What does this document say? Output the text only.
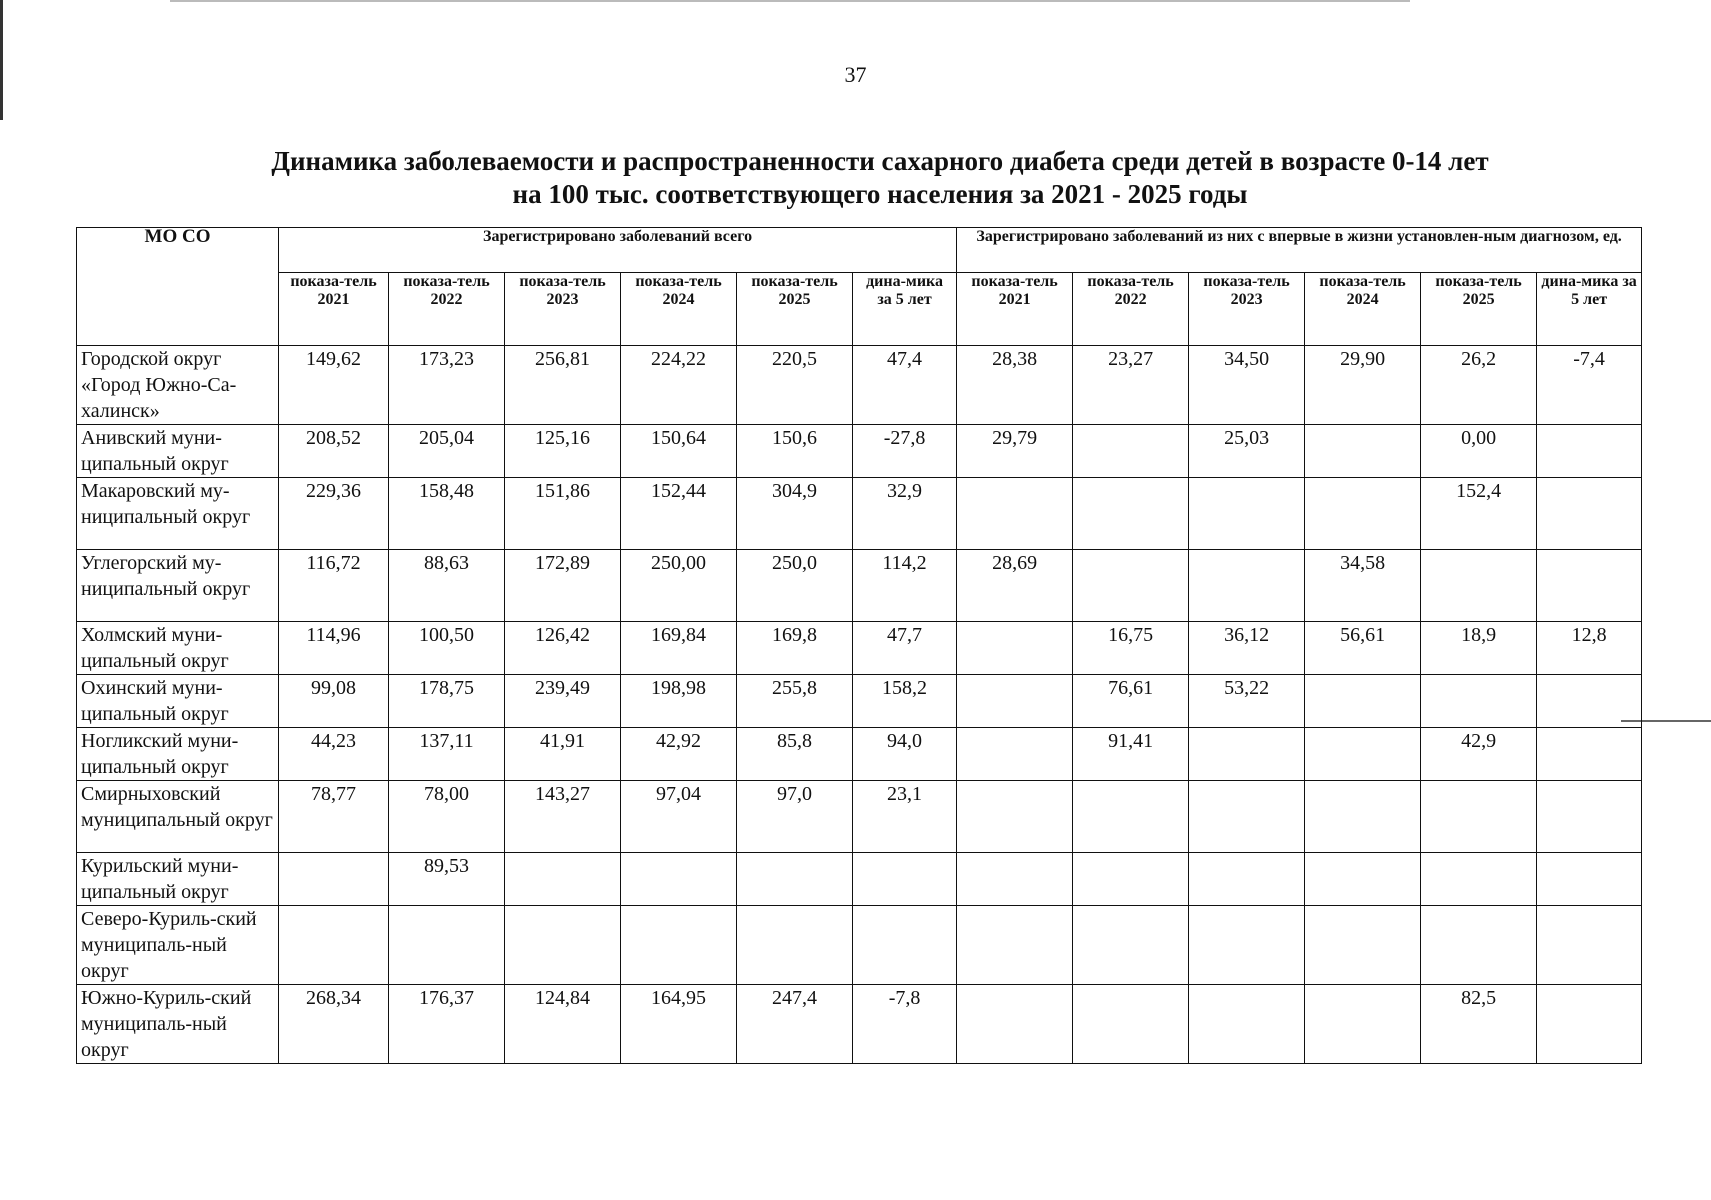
37
Динамика заболеваемости и распространенности сахарного диабета среди детей в возрасте 0-14 лет
на 100 тыс. соответствующего населения за 2021 - 2025 годы
МО СО	Зарегистрировано заболеваний всего						Зарегистрировано заболеваний из них с впервые в жизни установлен-ным диагнозом, ед.					
	показа-тель 2021	показа-тель 2022	показа-тель 2023	показа-тель 2024	показа-тель 2025	дина-мика за 5 лет	показа-тель 2021	показа-тель 2022	показа-тель 2023	показа-тель 2024	показа-тель 2025	дина-мика за 5 лет
Городской округ «Город Южно-Са-халинск»	149,62	173,23	256,81	224,22	220,5	47,4	28,38	23,27	34,50	29,90	26,2	-7,4
Анивский муни-ципальный округ	208,52	205,04	125,16	150,64	150,6	-27,8	29,79		25,03		0,00	
Макаровский му-ниципальный округ	229,36	158,48	151,86	152,44	304,9	32,9					152,4	
Углегорский му-ниципальный округ	116,72	88,63	172,89	250,00	250,0	114,2	28,69			34,58		
Холмский муни-ципальный округ	114,96	100,50	126,42	169,84	169,8	47,7		16,75	36,12	56,61	18,9	12,8
Охинский муни-ципальный округ	99,08	178,75	239,49	198,98	255,8	158,2		76,61	53,22			
Ногликский муни-ципальный округ	44,23	137,11	41,91	42,92	85,8	94,0		91,41			42,9	
Смирныховский муниципальный округ	78,77	78,00	143,27	97,04	97,0	23,1						
Курильский муни-ципальный округ		89,53										
Северо-Куриль-ский муниципаль-ный округ												
Южно-Куриль-ский муниципаль-ный округ	268,34	176,37	124,84	164,95	247,4	-7,8					82,5	
